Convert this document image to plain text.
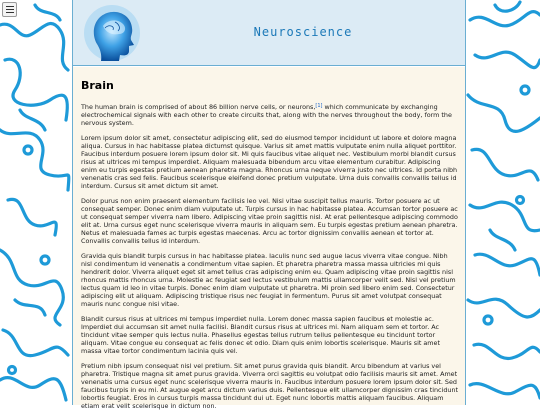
Neuroscience
Brain

The human brain is comprised of about 86 billion nerve cells, or neurons,[1] which communicate by exchanging electrochemical signals with each other to create circuits that, along with the nerves throughout the body, form the nervous system.

Lorem ipsum dolor sit amet, consectetur adipiscing elit, sed do eiusmod tempor incididunt ut labore et dolore magna aliqua. Cursus in hac habitasse platea dictumst quisque. Varius sit amet mattis vulputate enim nulla aliquet porttitor. Faucibus interdum posuere lorem ipsum dolor sit. Mi quis faucibus vitae aliquet nec. Vestibulum morbi blandit cursus risus at ultrices mi tempus imperdiet. Aliquam malesuada bibendum arcu vitae elementum curabitur. Adipiscing enim eu turpis egestas pretium aenean pharetra magna. Rhoncus urna neque viverra justo nec ultrices. Id porta nibh venenatis cras sed felis. Faucibus scelerisque eleifend donec pretium vulputate. Urna duis convallis convallis tellus id interdum. Cursus sit amet dictum sit amet.

Dolor purus non enim praesent elementum facilisis leo vel. Nisi vitae suscipit tellus mauris. Tortor posuere ac ut consequat semper. Donec enim diam vulputate ut. Turpis cursus in hac habitasse platea. Accumsan tortor posuere ac ut consequat semper viverra nam libero. Adipiscing vitae proin sagittis nisl. At erat pellentesque adipiscing commodo elit at. Urna cursus eget nunc scelerisque viverra mauris in aliquam sem. Eu turpis egestas pretium aenean pharetra. Netus et malesuada fames ac turpis egestas maecenas. Arcu ac tortor dignissim convallis aenean et tortor at. Convallis convallis tellus id interdum.

Gravida quis blandit turpis cursus in hac habitasse platea. Iaculis nunc sed augue lacus viverra vitae congue. Nibh nisl condimentum id venenatis a condimentum vitae sapien. Et pharetra pharetra massa massa ultricies mi quis hendrerit dolor. Viverra aliquet eget sit amet tellus cras adipiscing enim eu. Quam adipiscing vitae proin sagittis nisl rhoncus mattis rhoncus urna. Molestie ac feugiat sed lectus vestibulum mattis ullamcorper velit sed. Nisl vel pretium lectus quam id leo in vitae turpis. Donec enim diam vulputate ut pharetra. Mi proin sed libero enim sed. Consectetur adipiscing elit ut aliquam. Adipiscing tristique risus nec feugiat in fermentum. Purus sit amet volutpat consequat mauris nunc congue nisi vitae.

Blandit cursus risus at ultrices mi tempus imperdiet nulla. Lorem donec massa sapien faucibus et molestie ac. Imperdiet dui accumsan sit amet nulla facilisi. Blandit cursus risus at ultrices mi. Nam aliquam sem et tortor. Ac tincidunt vitae semper quis lectus nulla. Phasellus egestas tellus rutrum tellus pellentesque eu tincidunt tortor aliquam. Vitae congue eu consequat ac felis donec et odio. Diam quis enim lobortis scelerisque. Mauris sit amet massa vitae tortor condimentum lacinia quis vel.

Pretium nibh ipsum consequat nisl vel pretium. Sit amet purus gravida quis blandit. Arcu bibendum at varius vel pharetra. Tristique magna sit amet purus gravida. Viverra orci sagittis eu volutpat odio facilisis mauris sit amet. Amet venenatis urna cursus eget nunc scelerisque viverra mauris in. Faucibus interdum posuere lorem ipsum dolor sit. Sed faucibus turpis in eu mi. At augue eget arcu dictum varius duis. Pellentesque elit ullamcorper dignissim cras tincidunt lobortis feugiat. Eros in cursus turpis massa tincidunt dui ut. Eget nunc lobortis mattis aliquam faucibus. Aliquam etiam erat velit scelerisque in dictum non.
